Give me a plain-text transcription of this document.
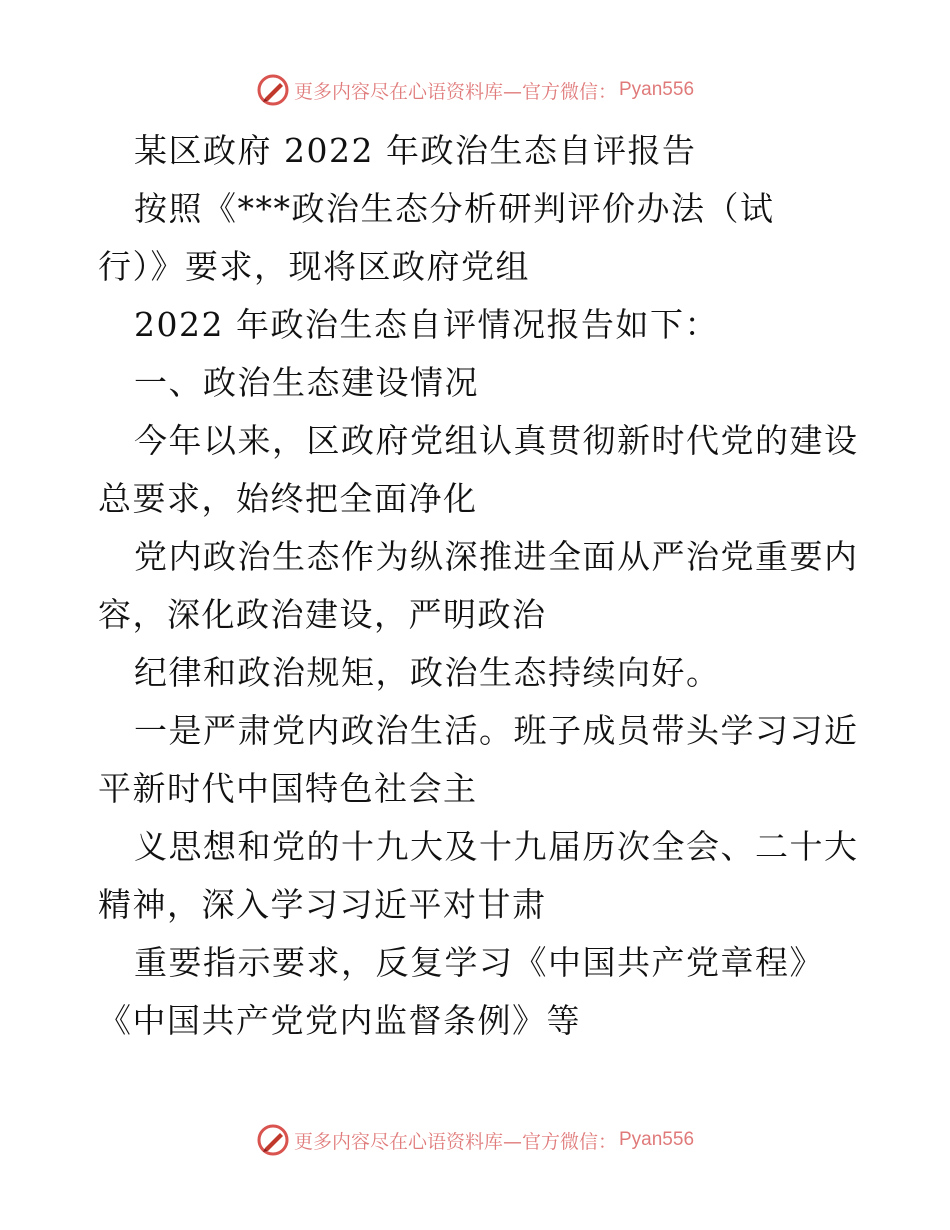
更多内容尽在心语资料库—官方微信： Pyan556
某区政府 2022 年政治生态自评报告
按照《***政治生态分析研判评价办法（试
行）》要求，现将区政府党组
2022 年政治生态自评情况报告如下：
一、政治生态建设情况
今年以来，区政府党组认真贯彻新时代党的建设
总要求，始终把全面净化
党内政治生态作为纵深推进全面从严治党重要内
容，深化政治建设，严明政治
纪律和政治规矩，政治生态持续向好。
一是严肃党内政治生活。班子成员带头学习习近
平新时代中国特色社会主
义思想和党的十九大及十九届历次全会、二十大
精神，深入学习习近平对甘肃
重要指示要求，反复学习《中国共产党章程》
《中国共产党党内监督条例》等
更多内容尽在心语资料库—官方微信： Pyan556
